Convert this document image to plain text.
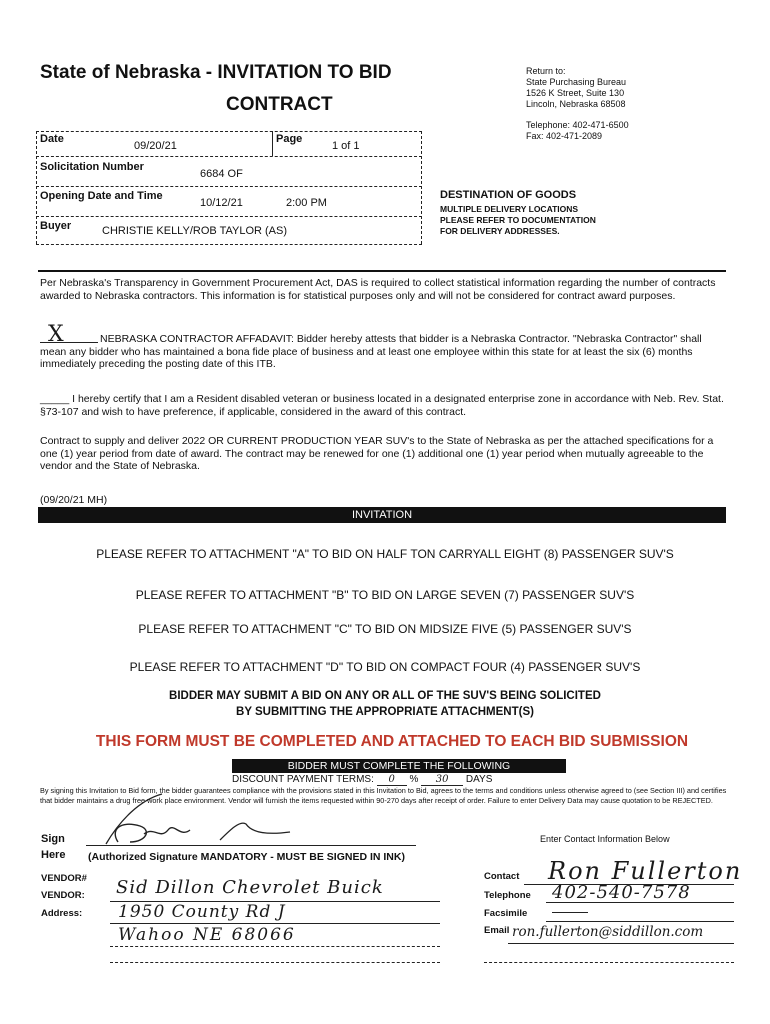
State of Nebraska - INVITATION TO BID
CONTRACT
Return to:
State Purchasing Bureau
1526 K Street, Suite 130
Lincoln, Nebraska 68508
Telephone: 402-471-6500
Fax: 402-471-2089
Date
09/20/21
Page
1 of 1
Solicitation Number
6684 OF
Opening Date and Time
10/12/21	2:00 PM
Buyer	CHRISTIE KELLY/ROB TAYLOR (AS)
DESTINATION OF GOODS
MULTIPLE DELIVERY LOCATIONS
PLEASE REFER TO DOCUMENTATION
FOR DELIVERY ADDRESSES.
Per Nebraska's Transparency in Government Procurement Act, DAS is required to collect statistical information regarding the number of contracts awarded to Nebraska contractors. This information is for statistical purposes only and will not be considered for contract award purposes.
X	NEBRASKA CONTRACTOR AFFADAVIT: Bidder hereby attests that bidder is a Nebraska Contractor. "Nebraska Contractor" shall mean any bidder who has maintained a bona fide place of business and at least one employee within this state for at least the six (6) months immediately preceding the posting date of this ITB.
_____ I hereby certify that I am a Resident disabled veteran or business located in a designated enterprise zone in accordance with Neb. Rev. Stat. §73-107 and wish to have preference, if applicable, considered in the award of this contract.
Contract to supply and deliver 2022 OR CURRENT PRODUCTION YEAR SUV's to the State of Nebraska as per the attached specifications for a one (1) year period from date of award. The contract may be renewed for one (1) additional one (1) year period when mutually agreeable to the vendor and the State of Nebraska.
(09/20/21 MH)
INVITATION
PLEASE REFER TO ATTACHMENT "A" TO BID ON HALF TON CARRYALL EIGHT (8) PASSENGER SUV'S
PLEASE REFER TO ATTACHMENT "B" TO BID ON LARGE SEVEN (7) PASSENGER SUV'S
PLEASE REFER TO ATTACHMENT "C" TO BID ON MIDSIZE FIVE (5) PASSENGER SUV'S
PLEASE REFER TO ATTACHMENT "D" TO BID ON COMPACT FOUR (4) PASSENGER SUV'S
BIDDER MAY SUBMIT A BID ON ANY OR ALL OF THE SUV'S BEING SOLICITED
BY SUBMITTING THE APPROPRIATE ATTACHMENT(S)
THIS FORM MUST BE COMPLETED AND ATTACHED TO EACH BID SUBMISSION
BIDDER MUST COMPLETE THE FOLLOWING
DISCOUNT PAYMENT TERMS: 0 % 30 DAYS
By signing this Invitation to Bid form, the bidder guarantees compliance with the provisions stated in this Invitation to Bid, agrees to the terms and conditions unless otherwise agreed to (see Section III) and certifies that bidder maintains a drug free work place environment. Vendor will furnish the items requested within 90-270 days after receipt of order. Failure to enter Delivery Data may cause quotation to be REJECTED.
Sign
Here (Authorized Signature MANDATORY - MUST BE SIGNED IN INK)
Enter Contact Information Below
VENDOR#
VENDOR: Sid Dillon Chevrolet Buick
Address: 1950 County Rd J
Wahoo NE 68066
Contact Ron Fullerton
Telephone 402-540-7578
Facsimile
Email ron.fullerton@siddillon.com
